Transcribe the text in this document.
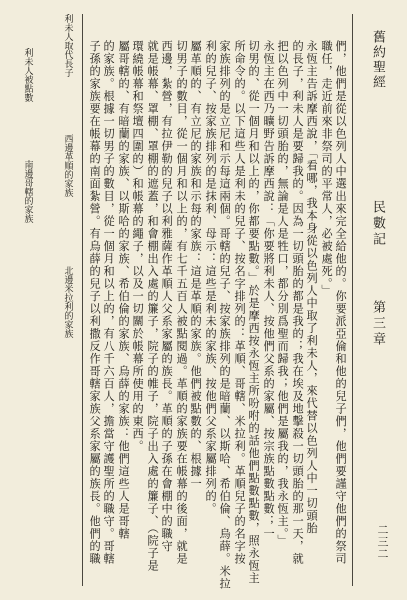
舊約聖經
民數記
第三章
二三二
利未人取代長子
利未人被點數
西邊革順的家族
南邊哥轄的家族
北邊米拉利的家族	們，他們是從以色列人中選出來完全給他的。你要派亞倫和他的兒子們，他們要謹守他們的祭司
職任，走近前來非祭司的平常人，必被處死。」
永恆主告訴摩西說，「看哪，我本身從以色列人中取了利未人，來代替以色列人中一切頭胎
的長子，利未人是要歸我的。因為一切頭胎的都是我的；我在埃及地擊殺一切頭胎的那一天，就
把以色列中一切頭胎的，無論是人是牲口，都分別爲聖而歸我；他們是屬我的，我永恆主。」
永恆主在西乃曠野告訴摩西說：「你要將利未人、按他們父系的家屬、按宗族點數點數；一
切男的、從一個月和以上的，你都要點數。」於是摩西按永恆主所吩咐的話他們點數點數，照永恆主
所命令的。以下這些人是利未的兒子、按名字排列的：革順、哥轄、米拉利。革順兒子的名字按
家族排列的是立尼和示每這兩個。哥轄的兒子、按家族排列的是暗蘭、以斯哈、希伯倫、烏薛。米拉
利的兒子、按家族排列的是抹利、母示：這些是利未的家族、按他們父系家屬排列的。
屬革順的、有立尼的家族和示每的家族：這是革順的家族。他們被點數的、根據一
切男子的數目，從一個月和以上的，有七千五百人被點閱過。革順的家族要在帳幕的後面，就是
西邊，紮營，有拉伊勒的兒子以利雅薩作革順人父系家屬的族長。革順的子孫在會棚中的職守
就是帳幕、罩棚、罩棚的遮蓋，和會棚出入處的簾子，院子的帷子，院子出入處的簾子、（院子是
環繞帳幕和祭壇四圍的）和帳幕的繩子，以及一切關於帳幕所使用的東西。
屬哥轄的、有暗蘭的家族、以斯哈的家族、希伯倫的家族、烏薛的家族：他們這些人是哥轄
的家族。根據一切男子的數目，從一個月和以上的，有八千六百人，擔當守護聖所的職守。哥轄
子孫的家族要在帳幕的南面紮營。有烏薛的兒子以利撒反作哥轄家族父系家屬的族長。他們的職
